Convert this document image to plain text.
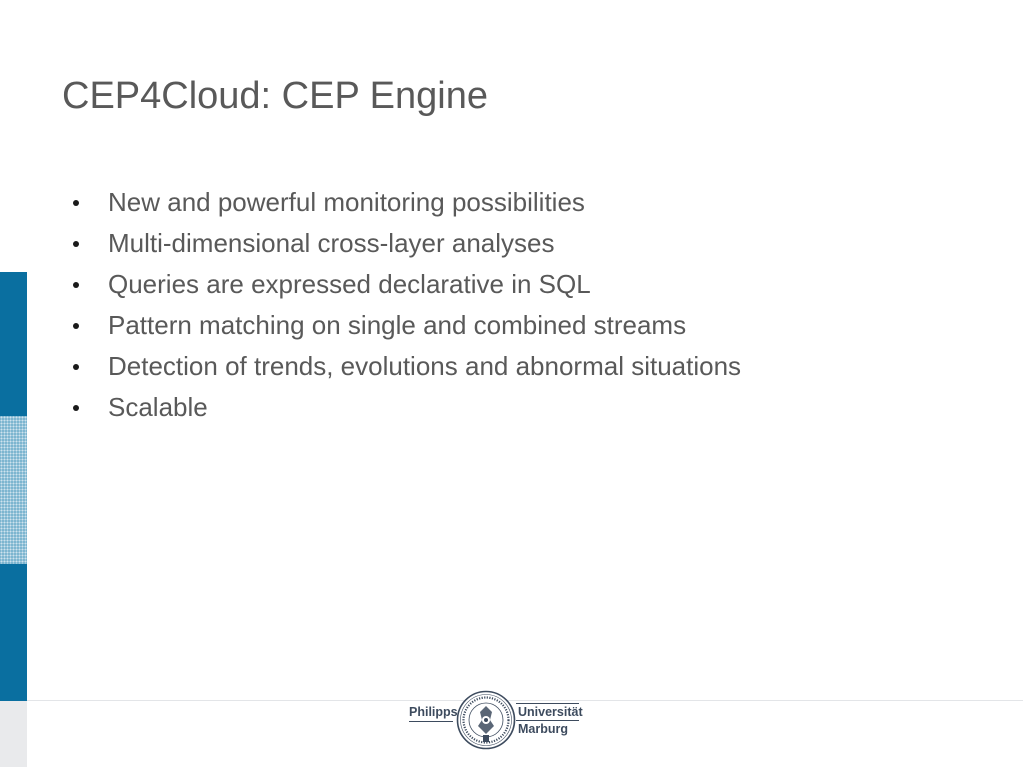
CEP4Cloud: CEP Engine
New and powerful monitoring possibilities
Multi-dimensional cross-layer analyses
Queries are expressed declarative in SQL
Pattern matching on single and combined streams
Detection of trends, evolutions and abnormal situations
Scalable
Philipps	Universität
Marburg
